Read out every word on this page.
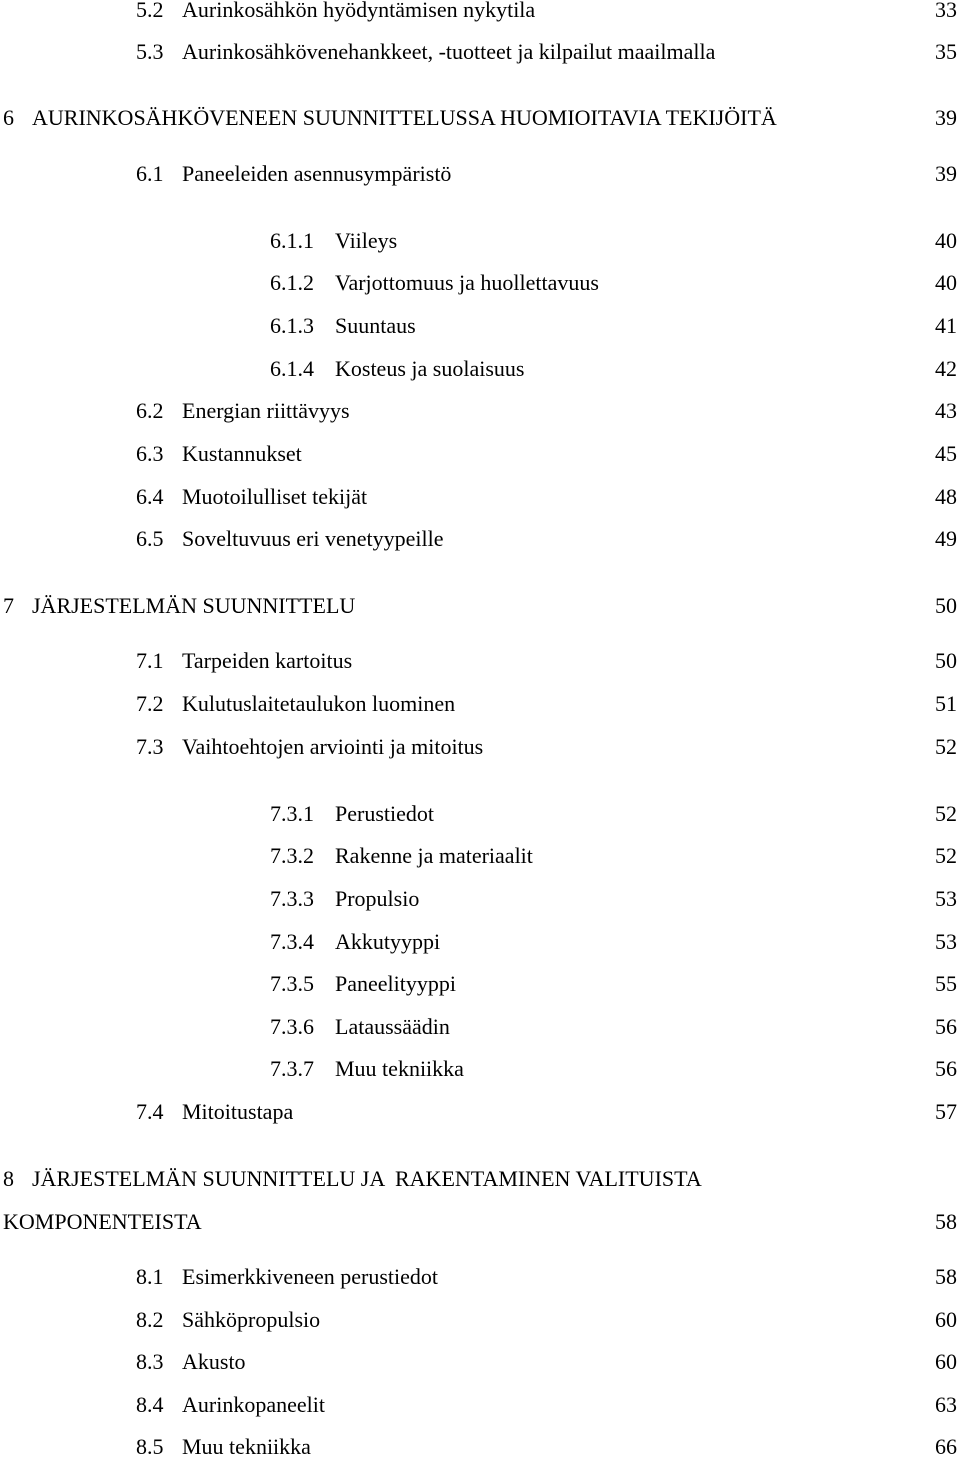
5.2 Aurinkosähkön hyödyntämisen nykytila	33
5.3 Aurinkosähkövenehankkeet, -tuotteet ja kilpailut maailmalla	35
6 AURINKOSÄHKÖVENEEN SUUNNITTELUSSA HUOMIOITAVIA TEKIJÖITÄ	39
6.1 Paneeleiden asennusympäristö	39
6.1.1 Viileys	40
6.1.2 Varjottomuus ja huollettavuus	40
6.1.3 Suuntaus	41
6.1.4 Kosteus ja suolaisuus	42
6.2 Energian riittävyys	43
6.3 Kustannukset	45
6.4 Muotoilulliset tekijät	48
6.5 Soveltuvuus eri venetyypeille	49
7 JÄRJESTELMÄN SUUNNITTELU	50
7.1 Tarpeiden kartoitus	50
7.2 Kulutuslaitetaulukon luominen	51
7.3 Vaihtoehtojen arviointi ja mitoitus	52
7.3.1 Perustiedot	52
7.3.2 Rakenne ja materiaalit	52
7.3.3 Propulsio	53
7.3.4 Akkutyyppi	53
7.3.5 Paneelityyppi	55
7.3.6 Lataussäädin	56
7.3.7 Muu tekniikka	56
7.4 Mitoitustapa	57
8 JÄRJESTELMÄN SUUNNITTELU JA  RAKENTAMINEN VALITUISTA
KOMPONENTEISTA	58
8.1 Esimerkkiveneen perustiedot	58
8.2 Sähköpropulsio	60
8.3 Akusto	60
8.4 Aurinkopaneelit	63
8.5 Muu tekniikka	66
